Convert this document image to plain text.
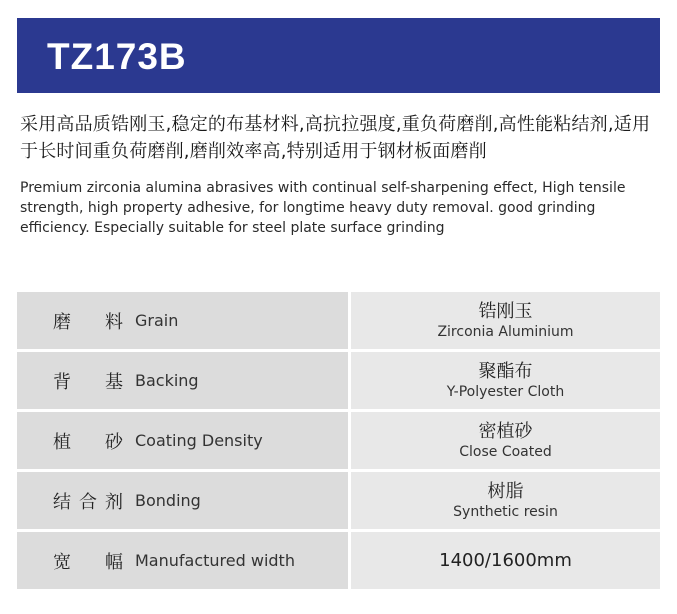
TZ173B
采用高品质锆刚玉,稳定的布基材料,高抗拉强度,重负荷磨削,高性能粘结剂,适用于长时间重负荷磨削,磨削效率高,特别适用于钢材板面磨削
Premium zirconia alumina abrasives with continual self-sharpening effect, High tensile strength, high property adhesive, for longtime heavy duty removal. good grinding efficiency. Especially suitable for steel plate surface grinding
磨料 Grain	锆刚玉
Zirconia Aluminium
背基 Backing	聚酯布
Y-Polyester Cloth
植砂 Coating Density	密植砂
Close Coated
结合剂 Bonding	树脂
Synthetic resin
宽幅 Manufactured width	1400/1600mm
